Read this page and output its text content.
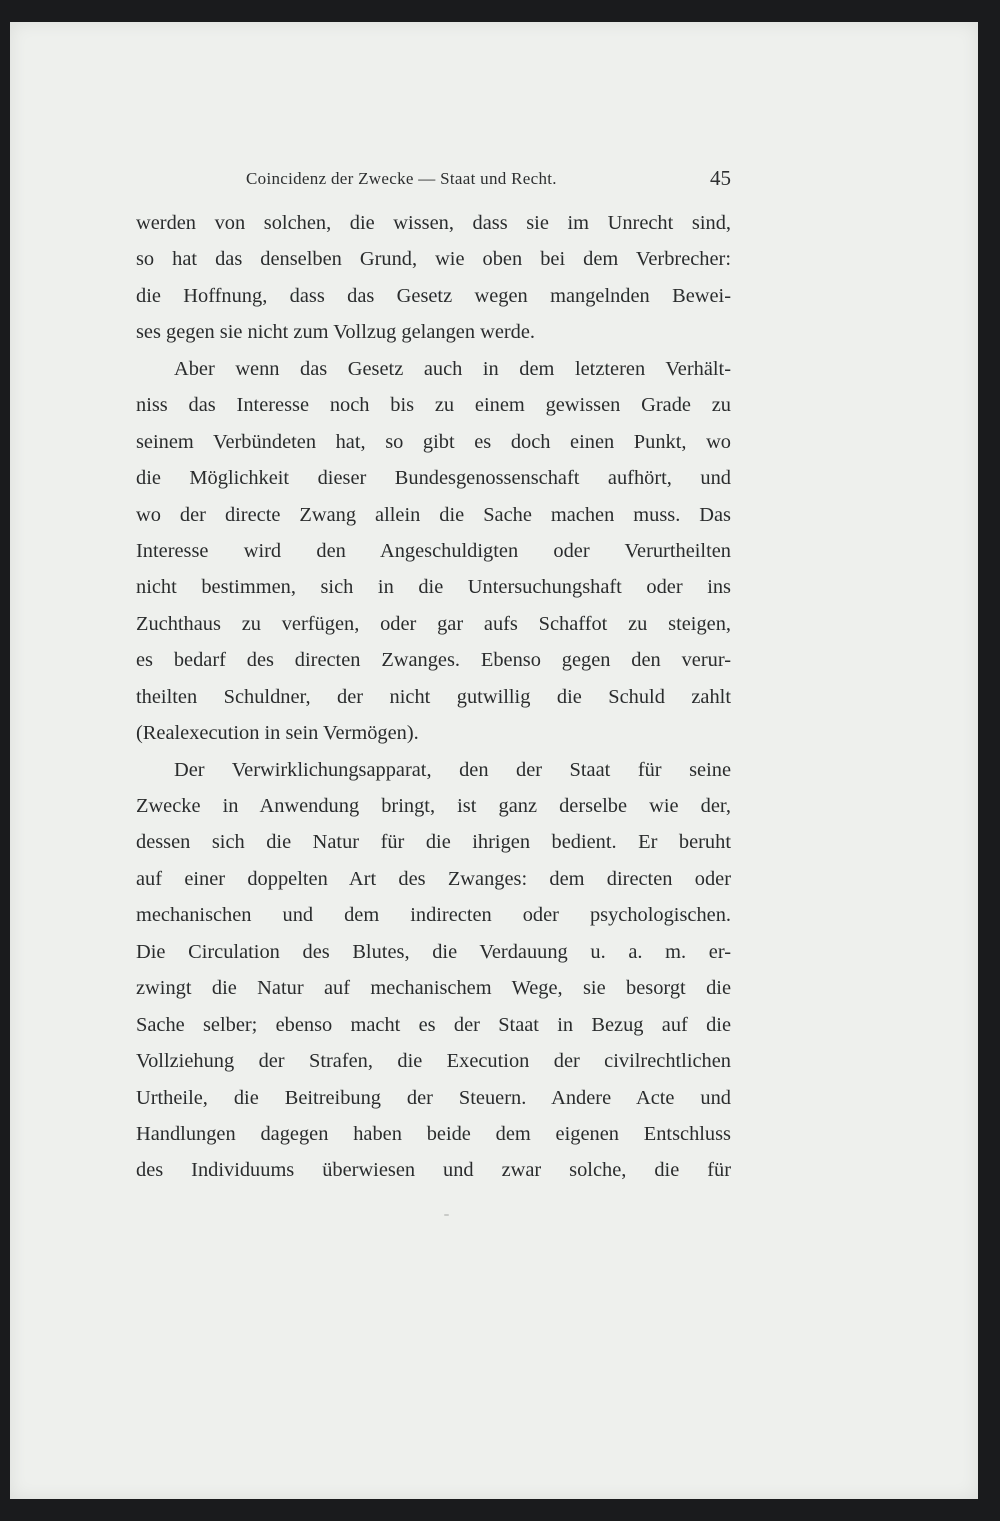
Coincidenz der Zwecke — Staat und Recht.	45
werden von solchen, die wissen, dass sie im Unrecht sind,
so hat das denselben Grund, wie oben bei dem Verbrecher:
die Hoffnung, dass das Gesetz wegen mangelnden Bewei-
ses gegen sie nicht zum Vollzug gelangen werde.
Aber wenn das Gesetz auch in dem letzteren Verhält-
niss das Interesse noch bis zu einem gewissen Grade zu
seinem Verbündeten hat, so gibt es doch einen Punkt, wo
die Möglichkeit dieser Bundesgenossenschaft aufhört, und
wo der directe Zwang allein die Sache machen muss. Das
Interesse wird den Angeschuldigten oder Verurtheilten
nicht bestimmen, sich in die Untersuchungshaft oder ins
Zuchthaus zu verfügen, oder gar aufs Schaffot zu steigen,
es bedarf des directen Zwanges. Ebenso gegen den verur-
theilten Schuldner, der nicht gutwillig die Schuld zahlt
(Realexecution in sein Vermögen).
Der Verwirklichungsapparat, den der Staat für seine
Zwecke in Anwendung bringt, ist ganz derselbe wie der,
dessen sich die Natur für die ihrigen bedient. Er beruht
auf einer doppelten Art des Zwanges: dem directen oder
mechanischen und dem indirecten oder psychologischen.
Die Circulation des Blutes, die Verdauung u. a. m. er-
zwingt die Natur auf mechanischem Wege, sie besorgt die
Sache selber; ebenso macht es der Staat in Bezug auf die
Vollziehung der Strafen, die Execution der civilrechtlichen
Urtheile, die Beitreibung der Steuern. Andere Acte und
Handlungen dagegen haben beide dem eigenen Entschluss
des Individuums überwiesen und zwar solche, die für
